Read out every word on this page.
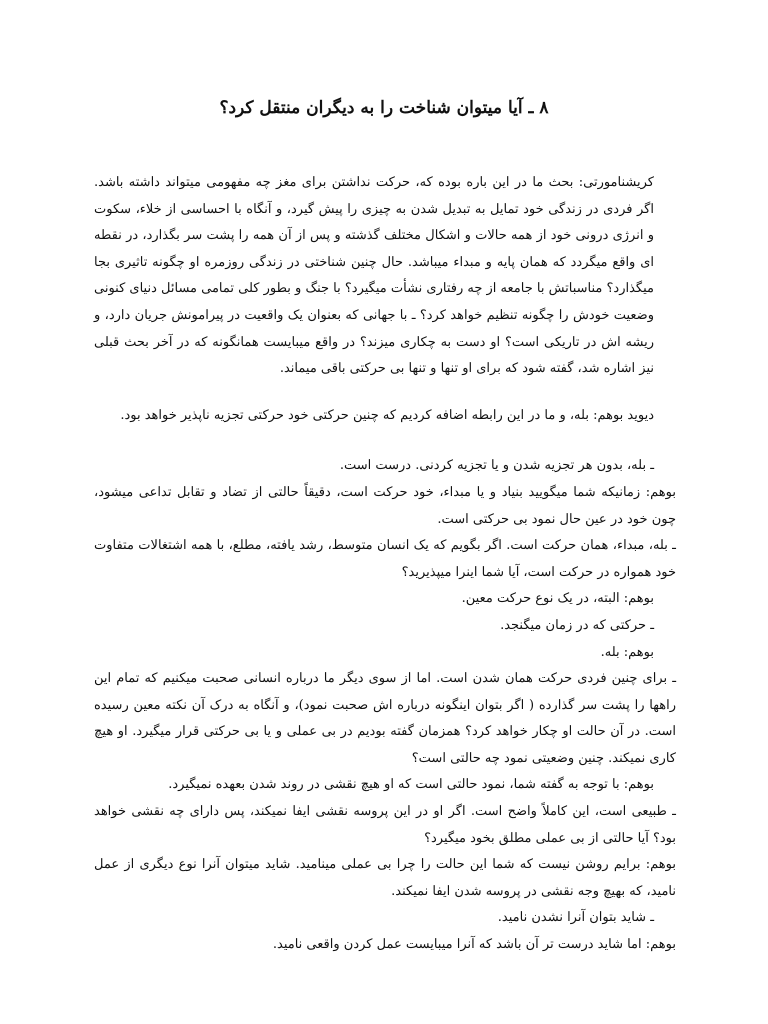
۸ ـ آیا میتوان شناخت را به دیگران منتقل کرد؟

کریشنامورتی: بحث ما در این باره بوده که، حرکت نداشتن برای مغز چه مفهومی میتواند داشته باشد. اگر فردی در زندگی خود تمایل به تبدیل شدن به چیزی را پیش گیرد، و آنگاه با احساسی از خلاء، سکوت و انرژی درونی خود از همه حالات و اشکال مختلف گذشته و پس از آن همه را پشت سر بگذارد، در نقطه ای واقع میگردد که همان پایه و مبداء میباشد. حال چنین شناختی در زندگی روزمره او چگونه تاثیری بجا میگذارد؟ مناسباتش با جامعه از چه رفتاری نشأت میگیرد؟ با جنگ و بطور کلی تمامی مسائل دنیای کنونی وضعیت خودش را چگونه تنظیم خواهد کرد؟ ـ با جهانی که بعنوان یک واقعیت در پیرامونش جریان دارد، و ریشه اش در تاریکی است؟ او دست به چکاری میزند؟ در واقع میبایست همانگونه که در آخر بحث قبلی نیز اشاره شد، گفته شود که برای او تنها و تنها بی حرکتی باقی میماند.

دیوید بوهم: بله، و ما در این رابطه اضافه کردیم که چنین حرکتی خود حرکتی تجزیه ناپذیر خواهد بود.

ـ بله، بدون هر تجزیه شدن و یا تجزیه کردنی. درست است.

بوهم: زمانیکه شما میگویید بنیاد و یا مبداء، خود حرکت است، دقیقاً حالتی از تضاد و تقابل تداعی میشود، چون خود در عین حال نمود بی حرکتی است.

ـ بله، مبداء، همان حرکت است. اگر بگویم که یک انسان متوسط، رشد یافته، مطلع، با همه اشتغالات متفاوت خود همواره در حرکت است، آیا شما اینرا میپذیرید؟

بوهم: البته، در یک نوع حرکت معین.

ـ حرکتی که در زمان میگنجد.

بوهم: بله.

ـ برای چنین فردی حرکت همان شدن است. اما از سوی دیگر ما درباره انسانی صحبت میکنیم که تمام این راهها را پشت سر گذارده ( اگر بتوان اینگونه درباره اش صحبت نمود)، و آنگاه به درک آن نکته معین رسیده است. در آن حالت او چکار خواهد کرد؟ همزمان گفته بودیم در بی عملی و یا بی حرکتی قرار میگیرد. او هیچ کاری نمیکند. چنین وضعیتی نمود چه حالتی است؟

بوهم: با توجه به گفته شما، نمود حالتی است که او هیچ نقشی در روند شدن بعهده نمیگیرد.

ـ طبیعی است، این کاملاً واضح است. اگر او در این پروسه نقشی ایفا نمیکند، پس دارای چه نقشی خواهد بود؟ آیا حالتی از بی عملی مطلق بخود میگیرد؟

بوهم: برایم روشن نیست که شما این حالت را چرا بی عملی مینامید. شاید میتوان آنرا نوع دیگری از عمل نامید، که بهیچ وجه نقشی در پروسه شدن ایفا نمیکند.

ـ شاید بتوان آنرا نشدن نامید.

بوهم: اما شاید درست تر آن باشد که آنرا میبایست عمل کردن واقعی نامید.
